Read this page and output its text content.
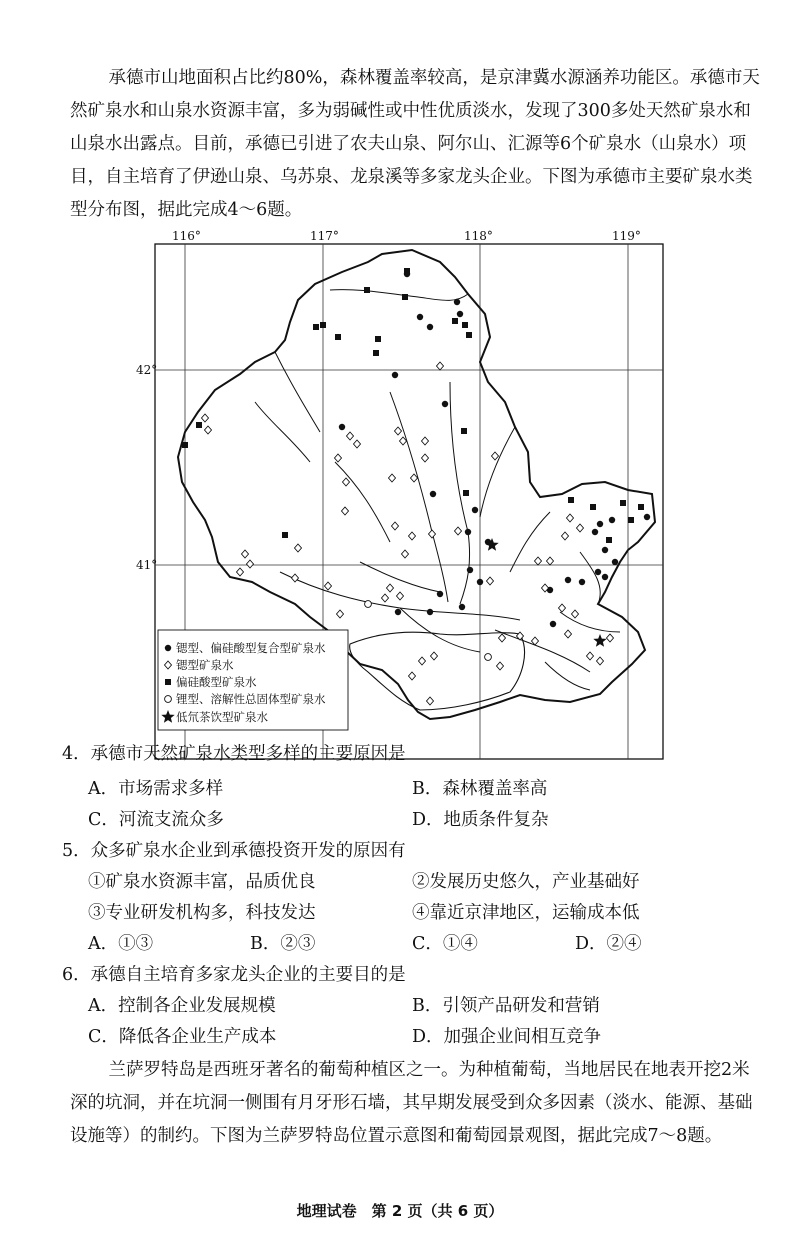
承德市山地面积占比约80%，森林覆盖率较高，是京津冀水源涵养功能区。承德市天然矿泉水和山泉水资源丰富，多为弱碱性或中性优质淡水，发现了300多处天然矿泉水和山泉水出露点。目前，承德已引进了农夫山泉、阿尔山、汇源等6个矿泉水（山泉水）项目，自主培育了伊逊山泉、乌苏泉、龙泉溪等多家龙头企业。下图为承德市主要矿泉水类型分布图，据此完成4～6题。

116°	117°	118°	119°
42°
41°
锶型、偏硅酸型复合型矿泉水
锶型矿泉水
偏硅酸型矿泉水
锂型、溶解性总固体型矿泉水
低氘茶饮型矿泉水

4．承德市天然矿泉水类型多样的主要原因是

A．市场需求多样	B．森林覆盖率高

C．河流支流众多	D．地质条件复杂

5．众多矿泉水企业到承德投资开发的原因有

①矿泉水资源丰富，品质优良	②发展历史悠久，产业基础好

③专业研发机构多，科技发达	④靠近京津地区，运输成本低

A．①③	B．②③	C．①④	D．②④

6．承德自主培育多家龙头企业的主要目的是

A．控制各企业发展规模	B．引领产品研发和营销

C．降低各企业生产成本	D．加强企业间相互竞争

兰萨罗特岛是西班牙著名的葡萄种植区之一。为种植葡萄，当地居民在地表开挖2米深的坑洞，并在坑洞一侧围有月牙形石墙，其早期发展受到众多因素（淡水、能源、基础设施等）的制约。下图为兰萨罗特岛位置示意图和葡萄园景观图，据此完成7～8题。

地理试卷　第 2 页（共 6 页）
